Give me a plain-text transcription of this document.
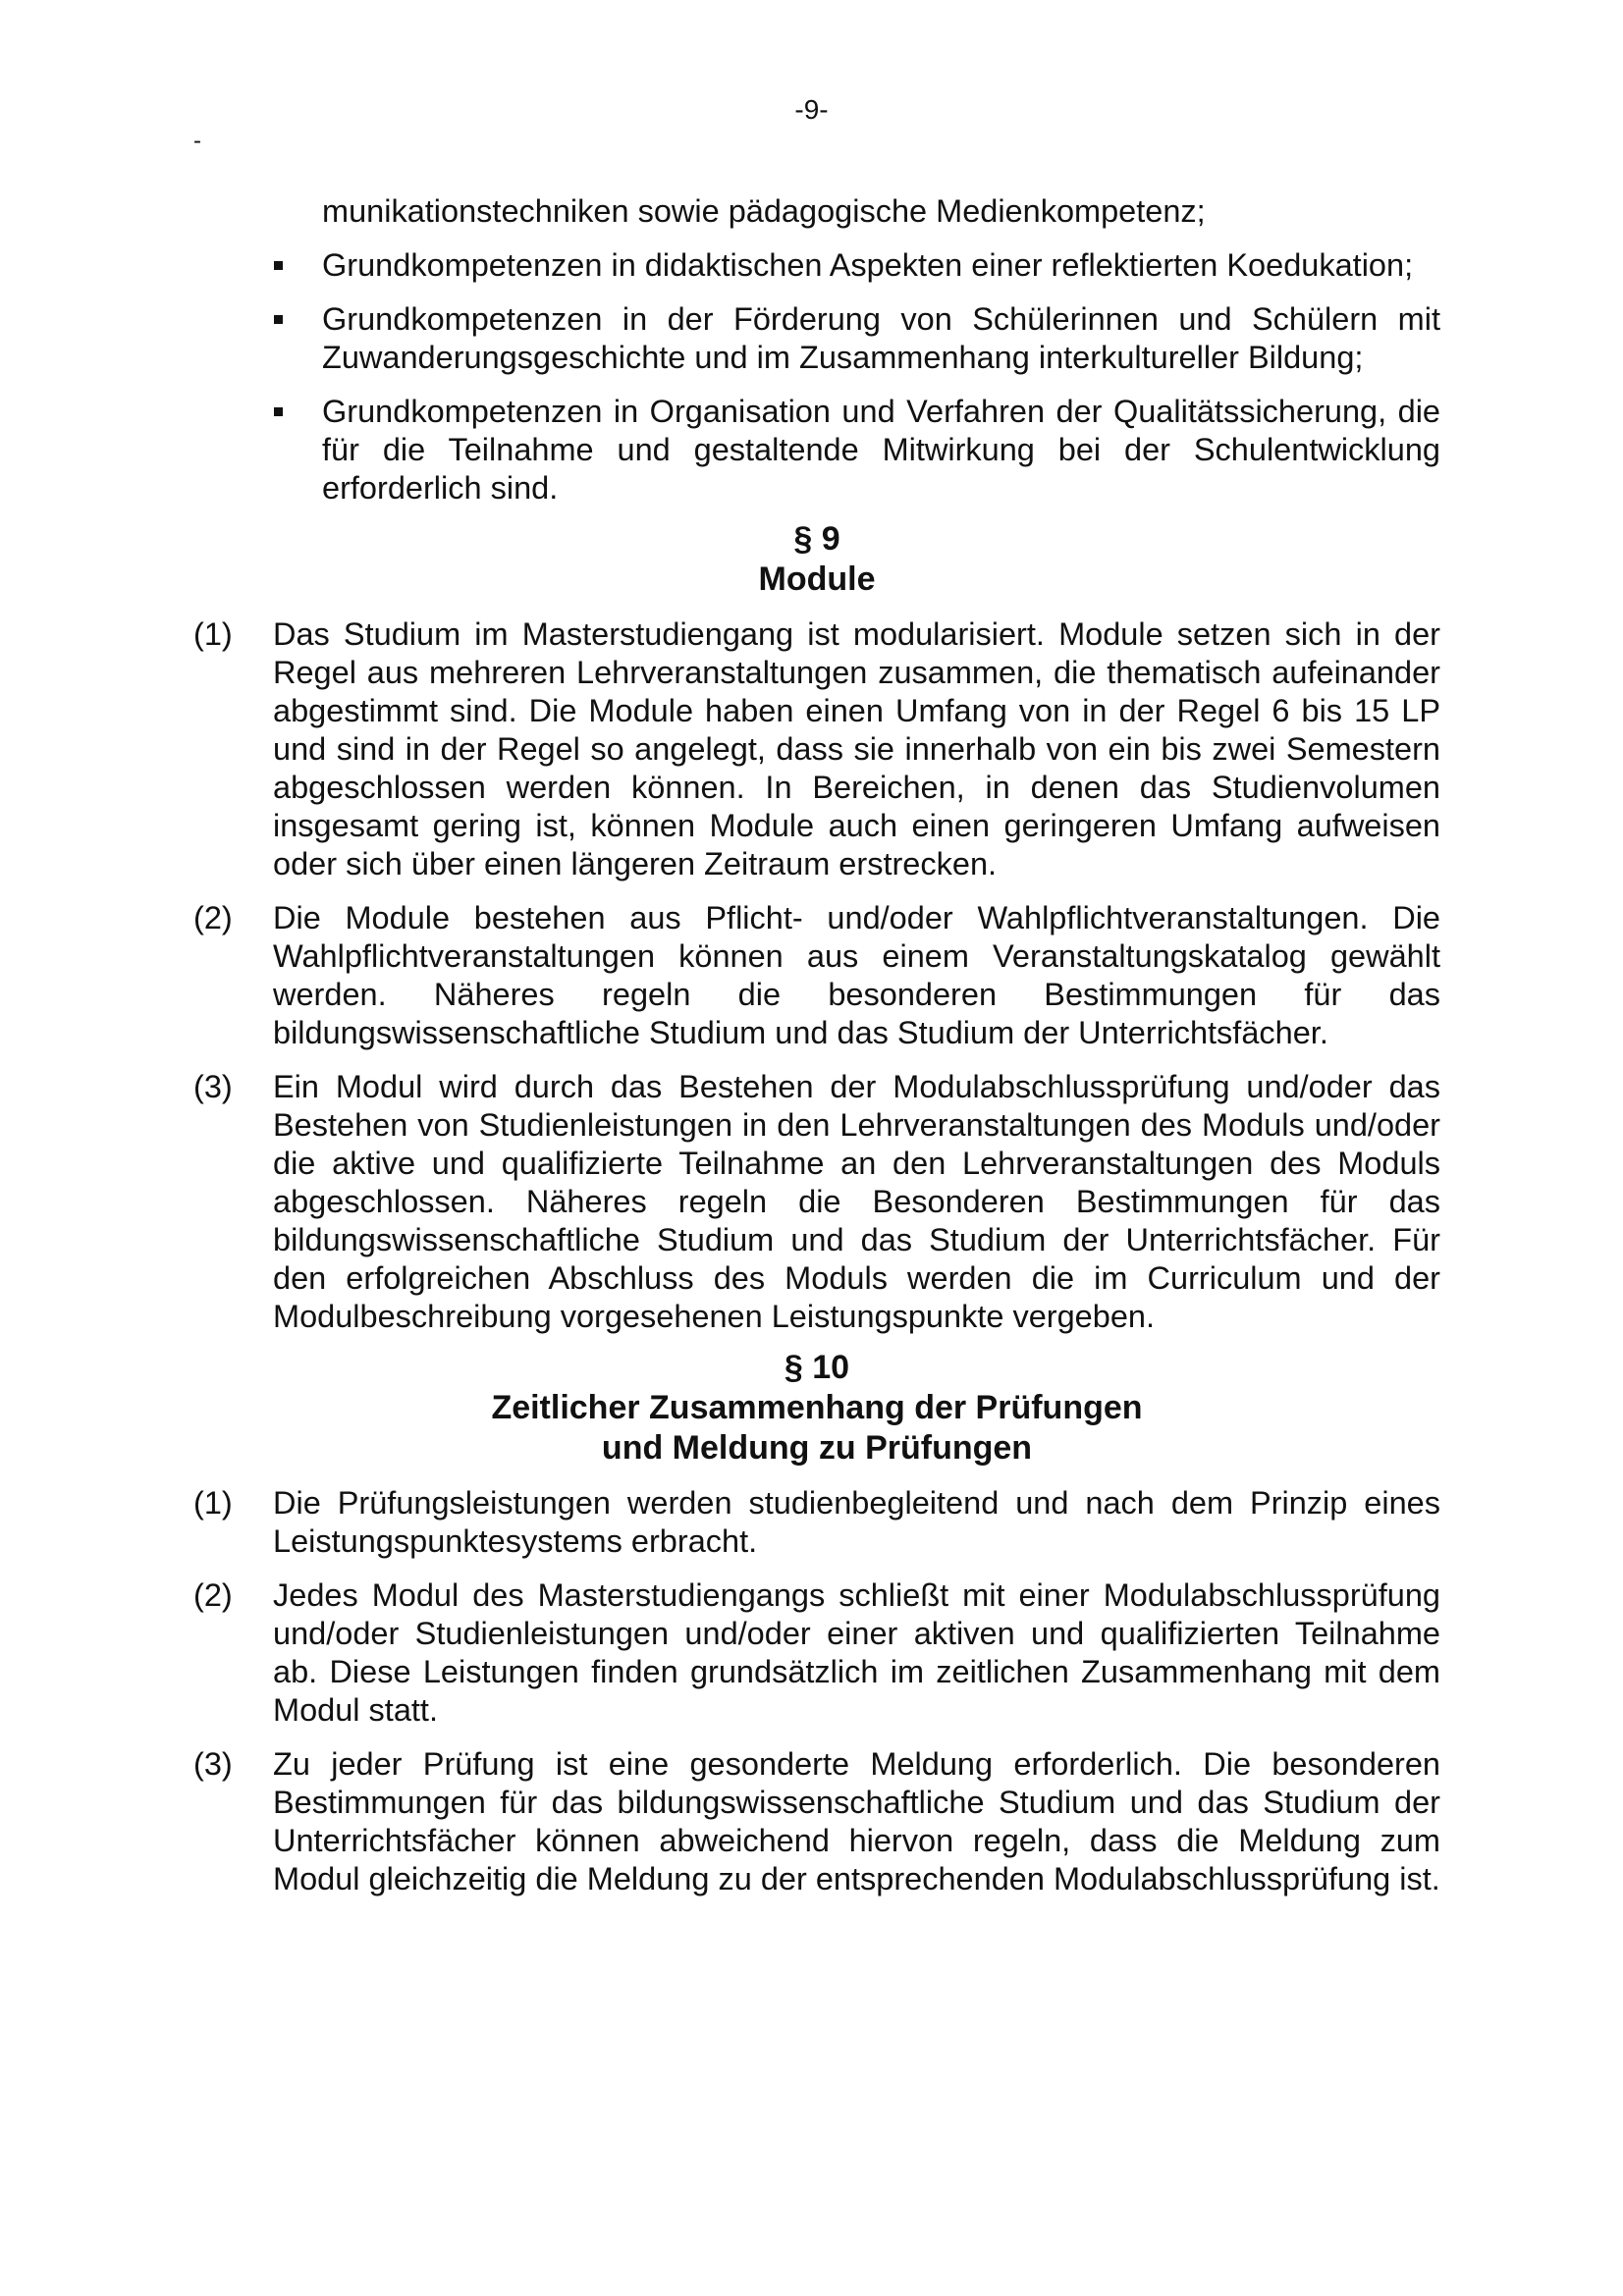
-9-
-

munikationstechniken sowie pädagogische Medienkompetenz;

Grundkompetenzen in didaktischen Aspekten einer reflektierten Koedukation;
Grundkompetenzen in der Förderung von Schülerinnen und Schülern mit Zuwanderungsgeschichte und im Zusammenhang interkultureller Bildung;
Grundkompetenzen in Organisation und Verfahren der Qualitätssicherung, die für die Teilnahme und gestaltende Mitwirkung bei der Schulentwicklung erforderlich sind.
§ 9
Module
(1) Das Studium im Masterstudiengang ist modularisiert. Module setzen sich in der Regel aus mehreren Lehrveranstaltungen zusammen, die thematisch aufeinander abgestimmt sind. Die Module haben einen Umfang von in der Regel 6 bis 15 LP und sind in der Regel so angelegt, dass sie innerhalb von ein bis zwei Semestern abgeschlossen werden können. In Bereichen, in denen das Studienvolumen insgesamt gering ist, können Module auch einen geringeren Umfang aufweisen oder sich über einen längeren Zeitraum erstrecken.
(2) Die Module bestehen aus Pflicht- und/oder Wahlpflichtveranstaltungen. Die Wahlpflichtveranstaltungen können aus einem Veranstaltungskatalog gewählt werden. Näheres regeln die besonderen Bestimmungen für das bildungswissenschaftliche Studium und das Studium der Unterrichtsfächer.
(3) Ein Modul wird durch das Bestehen der Modulabschlussprüfung und/oder das Bestehen von Studienleistungen in den Lehrveranstaltungen des Moduls und/oder die aktive und qualifizierte Teilnahme an den Lehrveranstaltungen des Moduls abgeschlossen. Näheres regeln die Besonderen Bestimmungen für das bildungswissenschaftliche Studium und das Studium der Unterrichtsfächer. Für den erfolgreichen Abschluss des Moduls werden die im Curriculum und der Modulbeschreibung vorgesehenen Leistungspunkte vergeben.
§ 10
Zeitlicher Zusammenhang der Prüfungen
und Meldung zu Prüfungen
(1) Die Prüfungsleistungen werden studienbegleitend und nach dem Prinzip eines Leistungspunktesystems erbracht.
(2) Jedes Modul des Masterstudiengangs schließt mit einer Modulabschlussprüfung und/oder Studienleistungen und/oder einer aktiven und qualifizierten Teilnahme ab. Diese Leistungen finden grundsätzlich im zeitlichen Zusammenhang mit dem Modul statt.
(3) Zu jeder Prüfung ist eine gesonderte Meldung erforderlich. Die besonderen Bestimmungen für das bildungswissenschaftliche Studium und das Studium der Unterrichtsfächer können abweichend hiervon regeln, dass die Meldung zum Modul gleichzeitig die Meldung zu der entsprechenden Modulabschlussprüfung ist.
